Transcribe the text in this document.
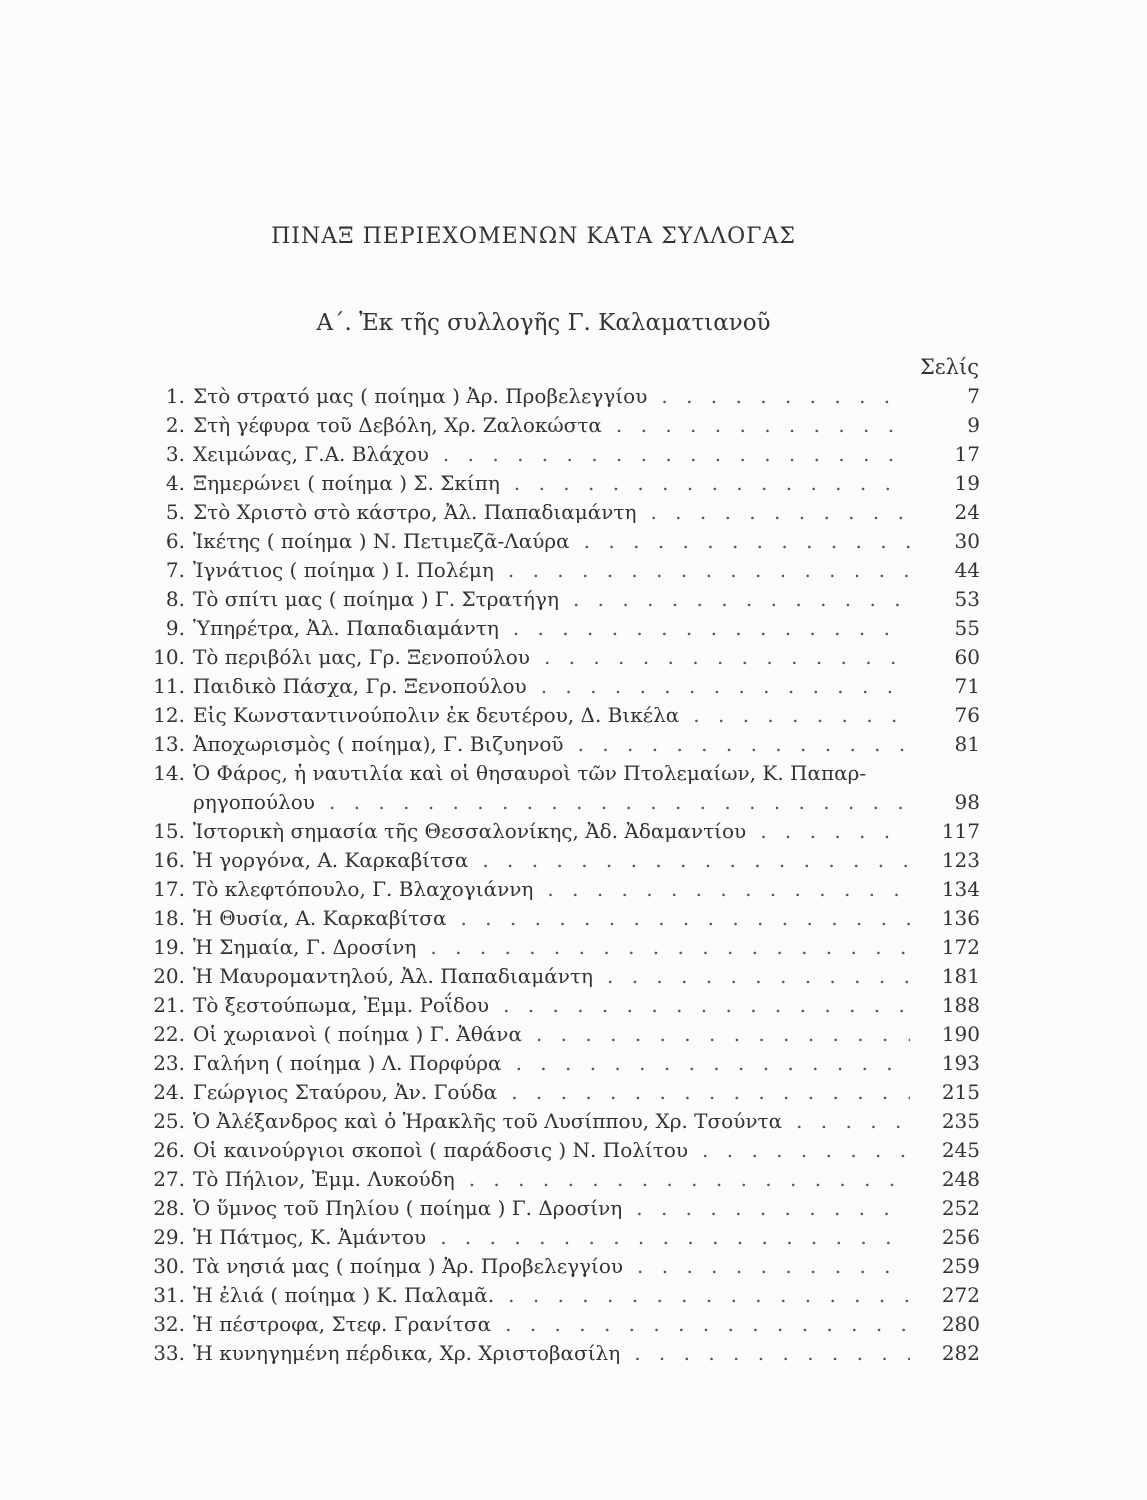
ΠΙΝΑΞ ΠΕΡΙΕΧΟΜΕΝΩΝ ΚΑΤΑ ΣΥΛΛΟΓΑΣ
Α΄. Ἐκ τῆς συλλογῆς Γ. Καλαματιανοῦ
Σελίς
1. Στὸ στρατό μας ( ποίημα ) Ἀρ. Προβελεγγίου . . .	7
2. Στὴ γέφυρα τοῦ Δεβόλη, Χρ. Ζαλοκώστα . . .	9
3. Χειμώνας, Γ.Α. Βλάχου . . .	17
4. Ξημερώνει ( ποίημα ) Σ. Σκίπη . . .	19
5. Στὸ Χριστὸ στὸ κάστρο, Ἀλ. Παπαδιαμάντη . . .	24
6. Ἱκέτης ( ποίημα ) Ν. Πετιμεζᾶ-Λαύρα . . .	30
7. Ἰγνάτιος ( ποίημα ) Ι. Πολέμη . . .	44
8. Τὸ σπίτι μας ( ποίημα ) Γ. Στρατήγη . . .	53
9. Ὑπηρέτρα, Ἀλ. Παπαδιαμάντη . . .	55
10. Τὸ περιβόλι μας, Γρ. Ξενοπούλου . . .	60
11. Παιδικὸ Πάσχα, Γρ. Ξενοπούλου . . .	71
12. Εἰς Κωνσταντινούπολιν ἐκ δευτέρου, Δ. Βικέλα . . .	76
13. Ἀποχωρισμὸς ( ποίημα), Γ. Βιζυηνοῦ . . .	81
14. Ὁ Φάρος, ἡ ναυτιλία καὶ οἱ θησαυροὶ τῶν Πτολεμαίων, Κ. Παπαρ-
ρηγοπούλου . . .	98
15. Ἱστορικὴ σημασία τῆς Θεσσαλονίκης, Ἀδ. Ἀδαμαντίου . . .	117
16. Ἡ γοργόνα, Α. Καρκαβίτσα . . .	123
17. Τὸ κλεφτόπουλο, Γ. Βλαχογιάννη . . .	134
18. Ἡ Θυσία, Α. Καρκαβίτσα . . .	136
19. Ἡ Σημαία, Γ. Δροσίνη . . .	172
20. Ἡ Μαυρομαντηλού, Ἀλ. Παπαδιαμάντη . . .	181
21. Τὸ ξεστούπωμα, Ἐμμ. Ροΐδου . . .	188
22. Οἱ χωριανοὶ ( ποίημα ) Γ. Ἀθάνα . . .	190
23. Γαλήνη ( ποίημα ) Λ. Πορφύρα . . .	193
24. Γεώργιος Σταύρου, Ἀν. Γούδα . . .	215
25. Ὁ Ἀλέξανδρος καὶ ὁ Ἡρακλῆς τοῦ Λυσίππου, Χρ. Τσούντα . . .	235
26. Οἱ καινούργιοι σκοποὶ ( παράδοσις ) Ν. Πολίτου . . .	245
27. Τὸ Πήλιον, Ἐμμ. Λυκούδη . . .	248
28. Ὁ ὕμνος τοῦ Πηλίου ( ποίημα ) Γ. Δροσίνη . . .	252
29. Ἡ Πάτμος, Κ. Ἀμάντου . . .	256
30. Τὰ νησιά μας ( ποίημα ) Ἀρ. Προβελεγγίου . . .	259
31. Ἡ ἐλιά ( ποίημα ) Κ. Παλαμᾶ. . . .	272
32. Ἡ πέστροφα, Στεφ. Γρανίτσα . . .	280
33. Ἡ κυνηγημένη πέρδικα, Χρ. Χριστοβασίλη . . .	282
